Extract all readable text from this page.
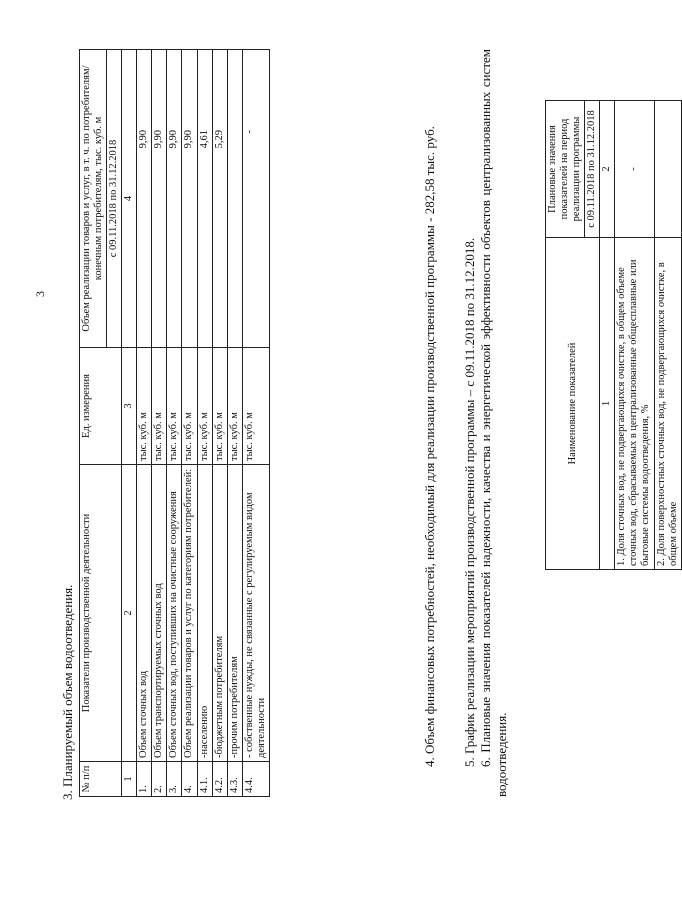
3
3. Планируемый объем водоотведения. № п/п	Показатели производственной деятельности	Ед. измерения	Объем реализации товаров и услуг, в т. ч. по потребителям/ конечным потребителям, тыс. куб. м

			с 09.11.2018 по 31.12.2018
1	2	3	4
1.	Объем сточных вод	тыс. куб. м	9,90
2.	Объем транспортируемых сточных вод	тыс. куб. м	9,90
3.	Объем сточных вод, поступивших на очистные сооружения	тыс. куб. м	9,90
4.	Объем реализации товаров и услуг по категориям потребителей:	тыс. куб. м	9,90
4.1.	-населению	тыс. куб. м	4,61
4.2.	-бюджетным потребителям	тыс. куб. м	5,29
4.3.	-прочим потребителям	тыс. куб. м	
4.4.	- собственные нужды, не связанные с регулируемым видом деятельности	тыс. куб. м	-	4. Объем финансовых потребностей, необходимый для реализации производственной программы - 282,58 тыс. руб. 5. График реализации мероприятий производственной программы – с 09.11.2018 по 31.12.2018. 6. Плановые значения показателей надежности, качества и энергетической эффективности объектов централизованных систем водоотведения.
Наименование показателей	Плановые значения показателей на период реализации программы
	с 09.11.2018 по 31.12.2018
1	2
1. Доля сточных вод, не подвергающихся очистке, в общем объеме сточных вод, сбрасываемых в централизованные общесплавные или бытовые системы водоотведения, %	-
2. Доля поверхностных сточных вод, не подвергающихся очистке, в общем объеме	
